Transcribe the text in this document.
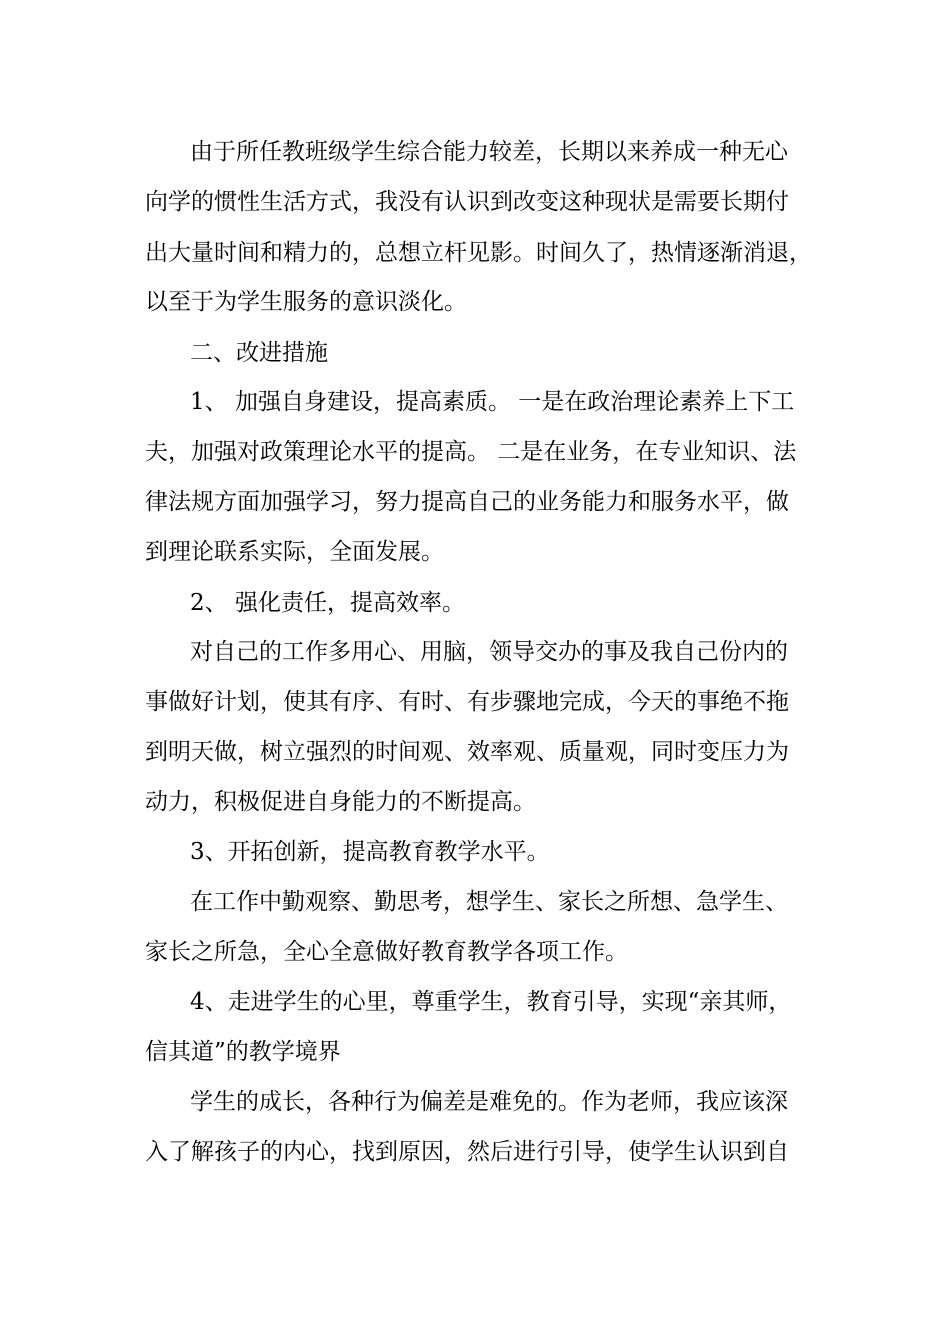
由于所任教班级学生综合能力较差，长期以来养成一种无心
向学的惯性生活方式，我没有认识到改变这种现状是需要长期付
出大量时间和精力的，总想立杆见影。时间久了，热情逐渐消退，
以至于为学生服务的意识淡化。
二、改进措施
1、 加强自身建设，提高素质。 一是在政治理论素养上下工
夫，加强对政策理论水平的提高。 二是在业务，在专业知识、法
律法规方面加强学习，努力提高自己的业务能力和服务水平，做
到理论联系实际，全面发展。
2、 强化责任，提高效率。
对自己的工作多用心、用脑，领导交办的事及我自己份内的
事做好计划，使其有序、有时、有步骤地完成，今天的事绝不拖
到明天做，树立强烈的时间观、效率观、质量观，同时变压力为
动力，积极促进自身能力的不断提高。
3、开拓创新，提高教育教学水平。
在工作中勤观察、勤思考，想学生、家长之所想、急学生、
家长之所急，全心全意做好教育教学各项工作。
4、走进学生的心里，尊重学生，教育引导，实现“亲其师，
信其道”的教学境界
学生的成长，各种行为偏差是难免的。作为老师，我应该深
入了解孩子的内心，找到原因，然后进行引导，使学生认识到自
